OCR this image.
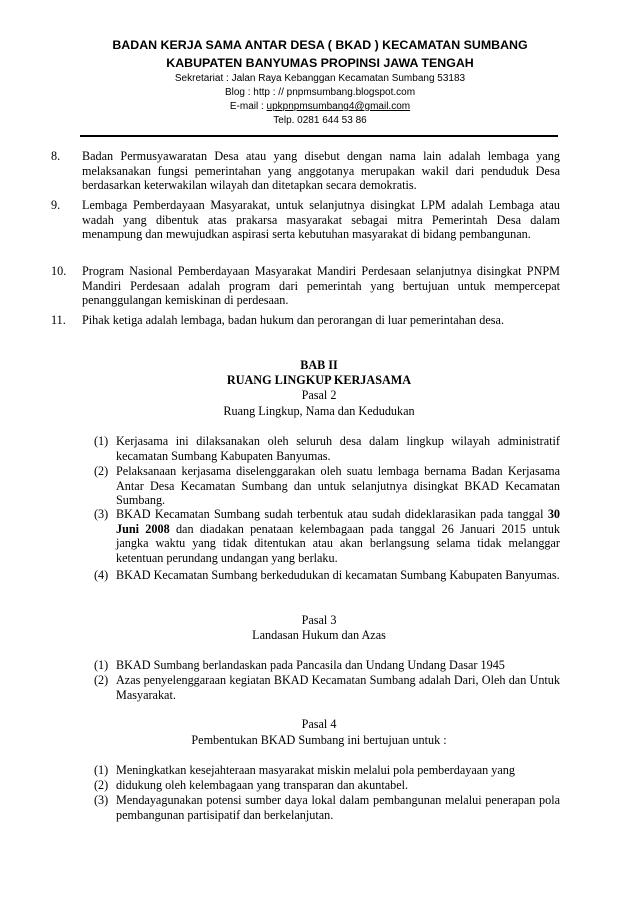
BADAN KERJA SAMA ANTAR DESA ( BKAD ) KECAMATAN SUMBANG
KABUPATEN BANYUMAS PROPINSI JAWA TENGAH
Sekretariat : Jalan Raya Kebanggan Kecamatan Sumbang 53183
Blog : http : // pnpmsumbang.blogspot.com
E-mail : upkpnpmsumbang4@gmail.com
Telp. 0281 644 53 86
8.	Badan Permusyawaratan Desa atau yang disebut dengan nama lain adalah lembaga yang melaksanakan fungsi pemerintahan yang anggotanya merupakan wakil dari penduduk Desa berdasarkan keterwakilan wilayah dan ditetapkan secara demokratis.
9.	Lembaga Pemberdayaan Masyarakat, untuk selanjutnya disingkat LPM adalah Lembaga atau wadah yang dibentuk atas prakarsa masyarakat sebagai mitra Pemerintah Desa dalam menampung dan mewujudkan aspirasi serta kebutuhan masyarakat di bidang pembangunan.
10.	Program Nasional Pemberdayaan Masyarakat Mandiri Perdesaan selanjutnya disingkat PNPM Mandiri Perdesaan adalah program dari pemerintah yang bertujuan untuk mempercepat penanggulangan kemiskinan di perdesaan.
11.	Pihak ketiga adalah lembaga, badan hukum dan perorangan di luar pemerintahan desa.
BAB II
RUANG LINGKUP KERJASAMA
Pasal 2
Ruang Lingkup, Nama dan Kedudukan
(1) Kerjasama ini dilaksanakan oleh seluruh desa dalam lingkup wilayah administratif kecamatan Sumbang Kabupaten Banyumas.
(2) Pelaksanaan kerjasama diselenggarakan oleh suatu lembaga bernama Badan Kerjasama Antar Desa Kecamatan Sumbang dan untuk selanjutnya disingkat BKAD Kecamatan Sumbang.
(3) BKAD Kecamatan Sumbang sudah terbentuk atau sudah dideklarasikan pada tanggal 30 Juni 2008 dan diadakan penataan kelembagaan pada tanggal 26 Januari 2015 untuk jangka waktu yang tidak ditentukan atau akan berlangsung selama tidak melanggar ketentuan perundang undangan yang berlaku.
(4) BKAD Kecamatan Sumbang berkedudukan di kecamatan Sumbang Kabupaten Banyumas.
Pasal 3
Landasan Hukum dan Azas
(1) BKAD Sumbang berlandaskan pada Pancasila dan Undang Undang Dasar 1945
(2) Azas penyelenggaraan kegiatan BKAD Kecamatan Sumbang adalah Dari, Oleh dan Untuk Masyarakat.
Pasal 4
Pembentukan BKAD Sumbang ini bertujuan untuk :
(1) Meningkatkan kesejahteraan masyarakat miskin melalui pola pemberdayaan yang
(2) didukung oleh kelembagaan yang transparan dan akuntabel.
(3) Mendayagunakan potensi sumber daya lokal dalam pembangunan melalui penerapan pola pembangunan partisipatif dan berkelanjutan.
